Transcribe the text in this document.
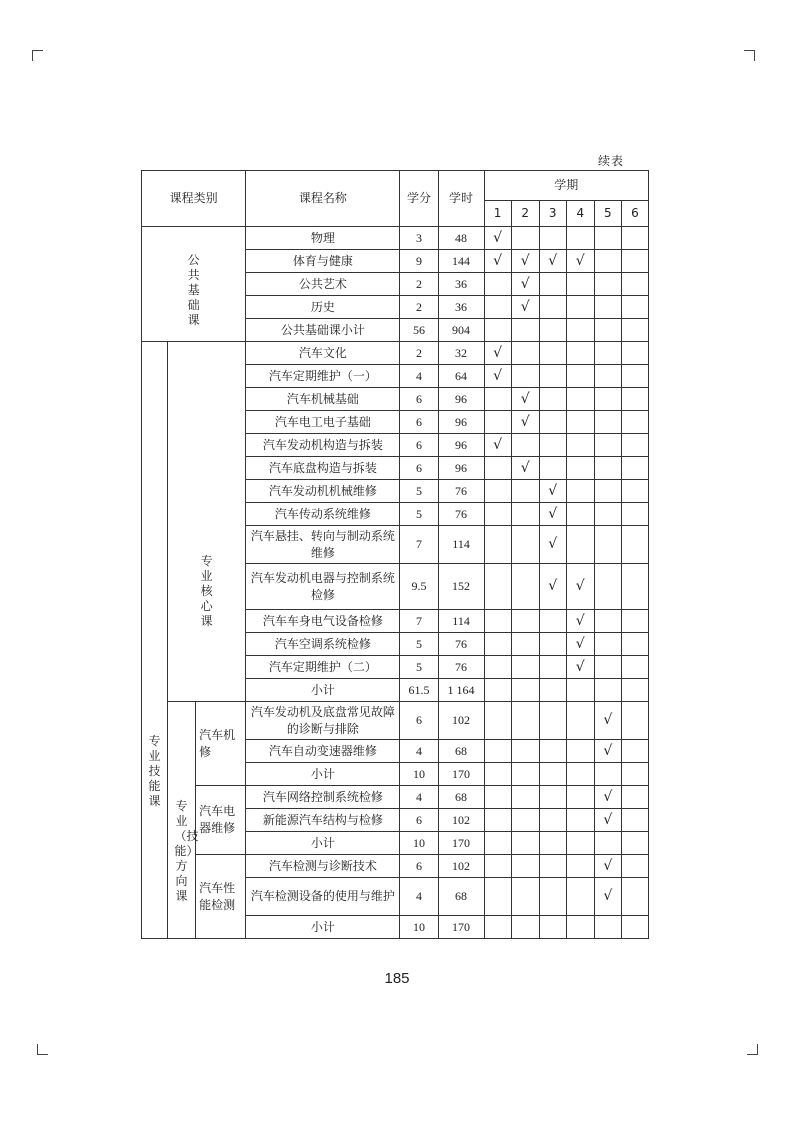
续表
课程类别			课程名称	学分	学时	学期					
						1	2	3	4	5	6
公共基础课			物理	3	48	√					
			体育与健康	9	144	√	√	√	√		
			公共艺术	2	36		√				
			历史	2	36		√				
			公共基础课小计	56	904						
专业技能课	专业核心课		汽车文化	2	32	√					
			汽车定期维护（一）	4	64	√					
			汽车机械基础	6	96		√				
			汽车电工电子基础	6	96		√				
			汽车发动机构造与拆装	6	96	√					
			汽车底盘构造与拆装	6	96		√				
			汽车发动机机械维修	5	76			√			
			汽车传动系统维修	5	76			√			
			汽车悬挂、转向与制动系统维修	7	114			√			
			汽车发动机电器与控制系统检修	9.5	152			√	√		
			汽车车身电气设备检修	7	114				√		
			汽车空调系统检修	5	76				√		
			汽车定期维护（二）	5	76				√		
			小计	61.5	1 164						
	专业（技能）方向课	汽车机修	汽车发动机及底盘常见故障的诊断与排除	6	102					√	
			汽车自动变速器维修	4	68					√	
			小计	10	170						
		汽车电器维修	汽车网络控制系统检修	4	68					√	
			新能源汽车结构与检修	6	102					√	
			小计	10	170						
		汽车性能检测	汽车检测与诊断技术	6	102					√	
			汽车检测设备的使用与维护	4	68					√	
			小计	10	170						
185
